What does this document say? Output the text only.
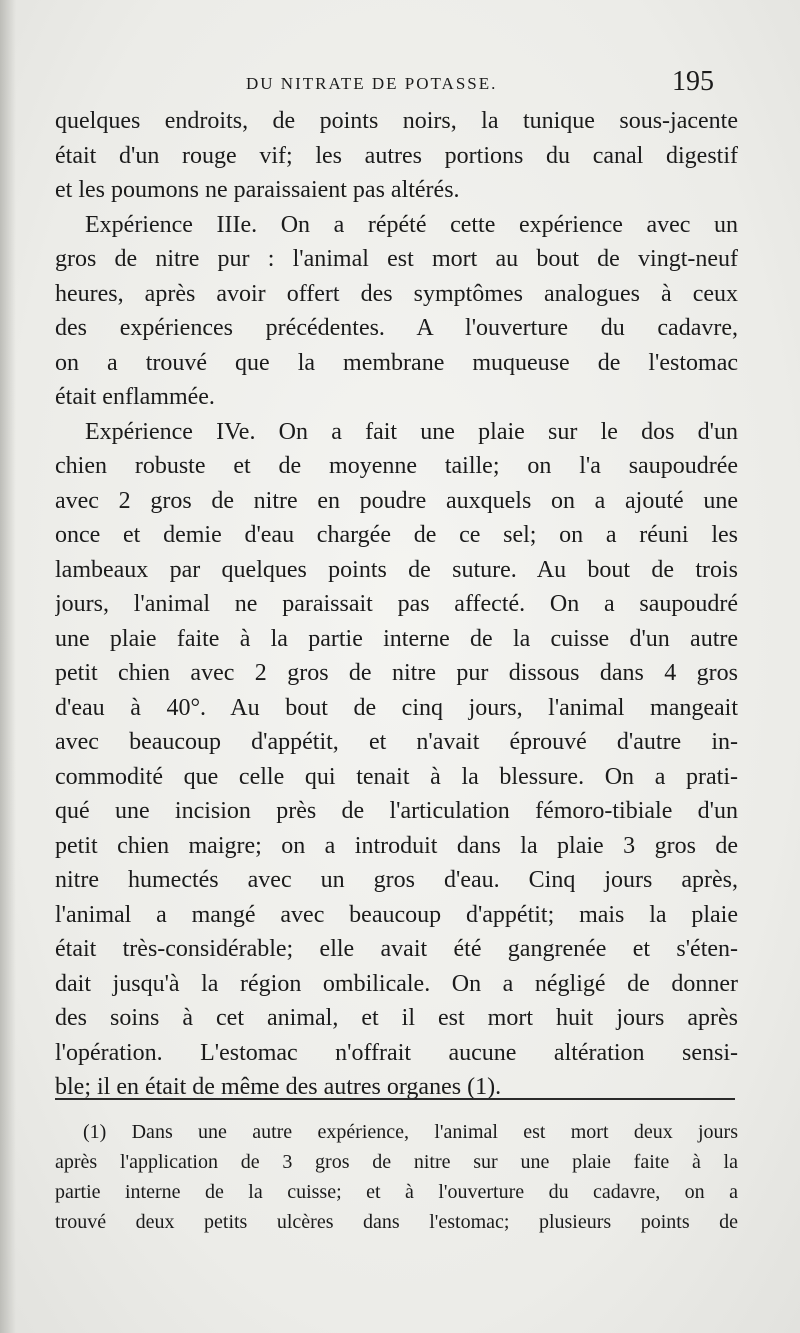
DU NITRATE DE POTASSE.	195
quelques endroits, de points noirs, la tunique sous-jacente
était d'un rouge vif; les autres portions du canal digestif
et les poumons ne paraissaient pas altérés.
Expérience IIIe. On a répété cette expérience avec un
gros de nitre pur : l'animal est mort au bout de vingt-neuf
heures, après avoir offert des symptômes analogues à ceux
des expériences précédentes. A l'ouverture du cadavre,
on a trouvé que la membrane muqueuse de l'estomac
était enflammée.
Expérience IVe. On a fait une plaie sur le dos d'un
chien robuste et de moyenne taille; on l'a saupoudrée
avec 2 gros de nitre en poudre auxquels on a ajouté une
once et demie d'eau chargée de ce sel; on a réuni les
lambeaux par quelques points de suture. Au bout de trois
jours, l'animal ne paraissait pas affecté. On a saupoudré
une plaie faite à la partie interne de la cuisse d'un autre
petit chien avec 2 gros de nitre pur dissous dans 4 gros
d'eau à 40°. Au bout de cinq jours, l'animal mangeait
avec beaucoup d'appétit, et n'avait éprouvé d'autre in-
commodité que celle qui tenait à la blessure. On a prati-
qué une incision près de l'articulation fémoro-tibiale d'un
petit chien maigre; on a introduit dans la plaie 3 gros de
nitre humectés avec un gros d'eau. Cinq jours après,
l'animal a mangé avec beaucoup d'appétit; mais la plaie
était très-considérable; elle avait été gangrenée et s'éten-
dait jusqu'à la région ombilicale. On a négligé de donner
des soins à cet animal, et il est mort huit jours après
l'opération. L'estomac n'offrait aucune altération sensi-
ble; il en était de même des autres organes (1).
(1) Dans une autre expérience, l'animal est mort deux jours
après l'application de 3 gros de nitre sur une plaie faite à la
partie interne de la cuisse; et à l'ouverture du cadavre, on a
trouvé deux petits ulcères dans l'estomac; plusieurs points de
